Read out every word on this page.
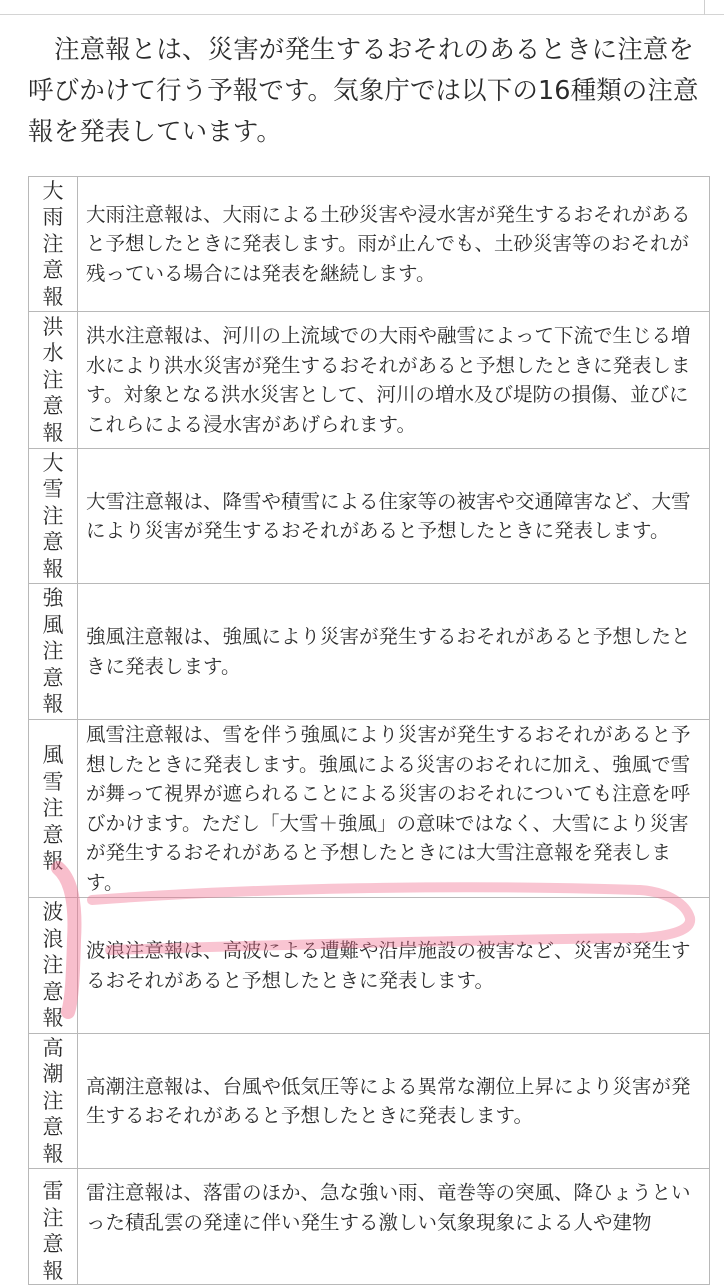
注意報とは、災害が発生するおそれのあるときに注意を呼びかけて行う予報です。気象庁では以下の16種類の注意報を発表しています。

大雨注意報	大雨注意報は、大雨による土砂災害や浸水害が発生するおそれがあると予想したときに発表します。雨が止んでも、土砂災害等のおそれが残っている場合には発表を継続します。

洪水注意報	洪水注意報は、河川の上流域での大雨や融雪によって下流で生じる増水により洪水災害が発生するおそれがあると予想したときに発表します。対象となる洪水災害として、河川の増水及び堤防の損傷、並びにこれらによる浸水害があげられます。

大雪注意報	大雪注意報は、降雪や積雪による住家等の被害や交通障害など、大雪により災害が発生するおそれがあると予想したときに発表します。

強風注意報	強風注意報は、強風により災害が発生するおそれがあると予想したときに発表します。

風雪注意報	風雪注意報は、雪を伴う強風により災害が発生するおそれがあると予想したときに発表します。強風による災害のおそれに加え、強風で雪が舞って視界が遮られることによる災害のおそれについても注意を呼びかけます。ただし「大雪＋強風」の意味ではなく、大雪により災害が発生するおそれがあると予想したときには大雪注意報を発表します。

波浪注意報	波浪注意報は、高波による遭難や沿岸施設の被害など、災害が発生するおそれがあると予想したときに発表します。

高潮注意報	高潮注意報は、台風や低気圧等による異常な潮位上昇により災害が発生するおそれがあると予想したときに発表します。

雷注意報	雷注意報は、落雷のほか、急な強い雨、竜巻等の突風、降ひょうといった積乱雲の発達に伴い発生する激しい気象現象による人や建物
